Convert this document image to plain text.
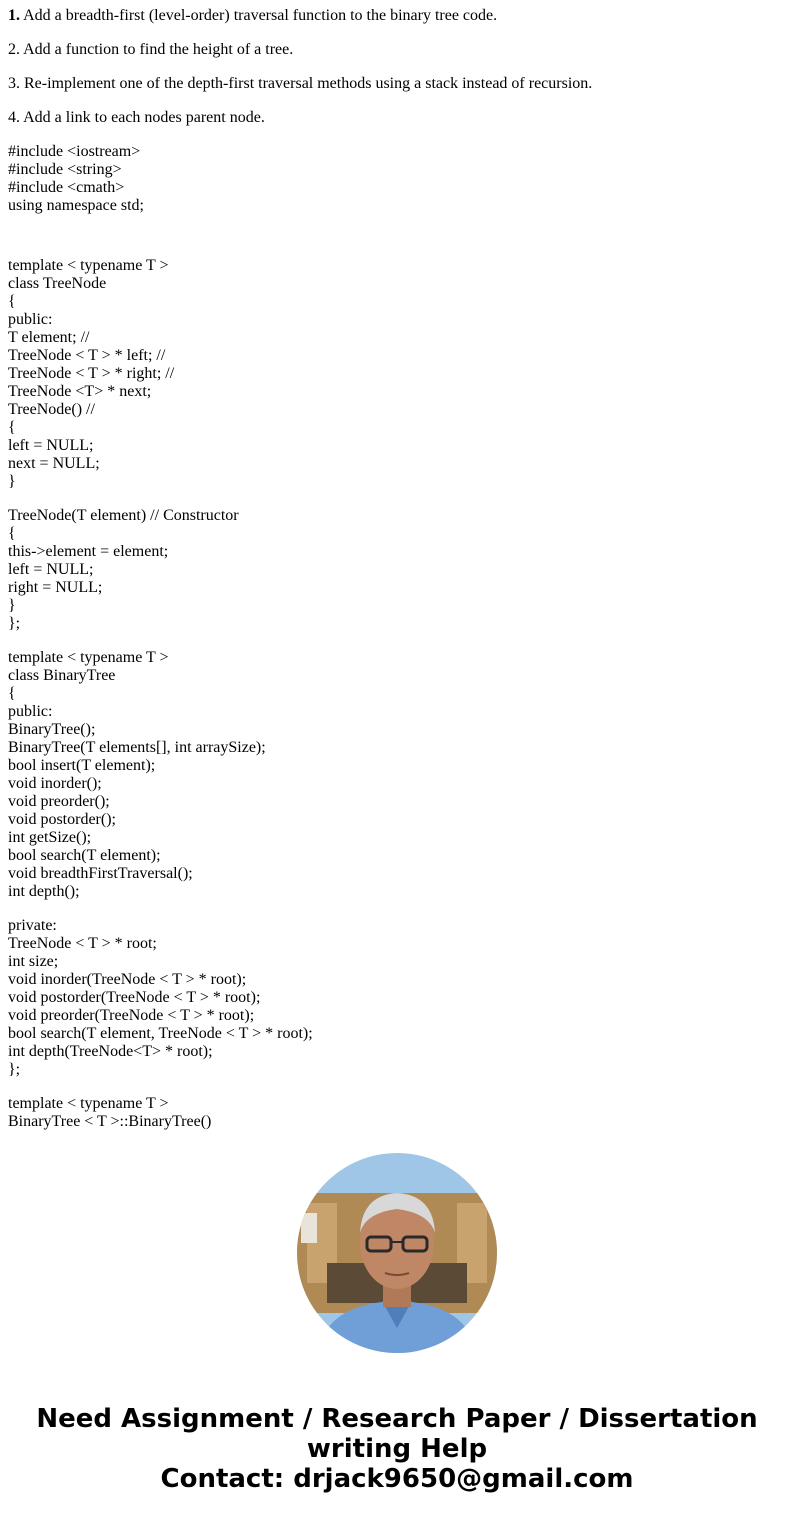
1. Add a breadth-first (level-order) traversal function to the binary tree code.
2. Add a function to find the height of a tree.
3. Re-implement one of the depth-first traversal methods using a stack instead of recursion.
4. Add a link to each nodes parent node.
#include <iostream>
#include <string>
#include <cmath>
using namespace std;
template < typename T >
class TreeNode
{
public:
T element; //
TreeNode < T > * left; //
TreeNode < T > * right; //
TreeNode <T> * next;
TreeNode() //
{
left = NULL;
next = NULL;
}
TreeNode(T element) // Constructor
{
this->element = element;
left = NULL;
right = NULL;
}
};
template < typename T >
class BinaryTree
{
public:
BinaryTree();
BinaryTree(T elements[], int arraySize);
bool insert(T element);
void inorder();
void preorder();
void postorder();
int getSize();
bool search(T element);
void breadthFirstTraversal();
int depth();
private:
TreeNode < T > * root;
int size;
void inorder(TreeNode < T > * root);
void postorder(TreeNode < T > * root);
void preorder(TreeNode < T > * root);
bool search(T element, TreeNode < T > * root);
int depth(TreeNode<T> * root);
};
template < typename T >
BinaryTree < T >::BinaryTree()
Need Assignment / Research Paper / Dissertation
writing Help
Contact: drjack9650@gmail.com
